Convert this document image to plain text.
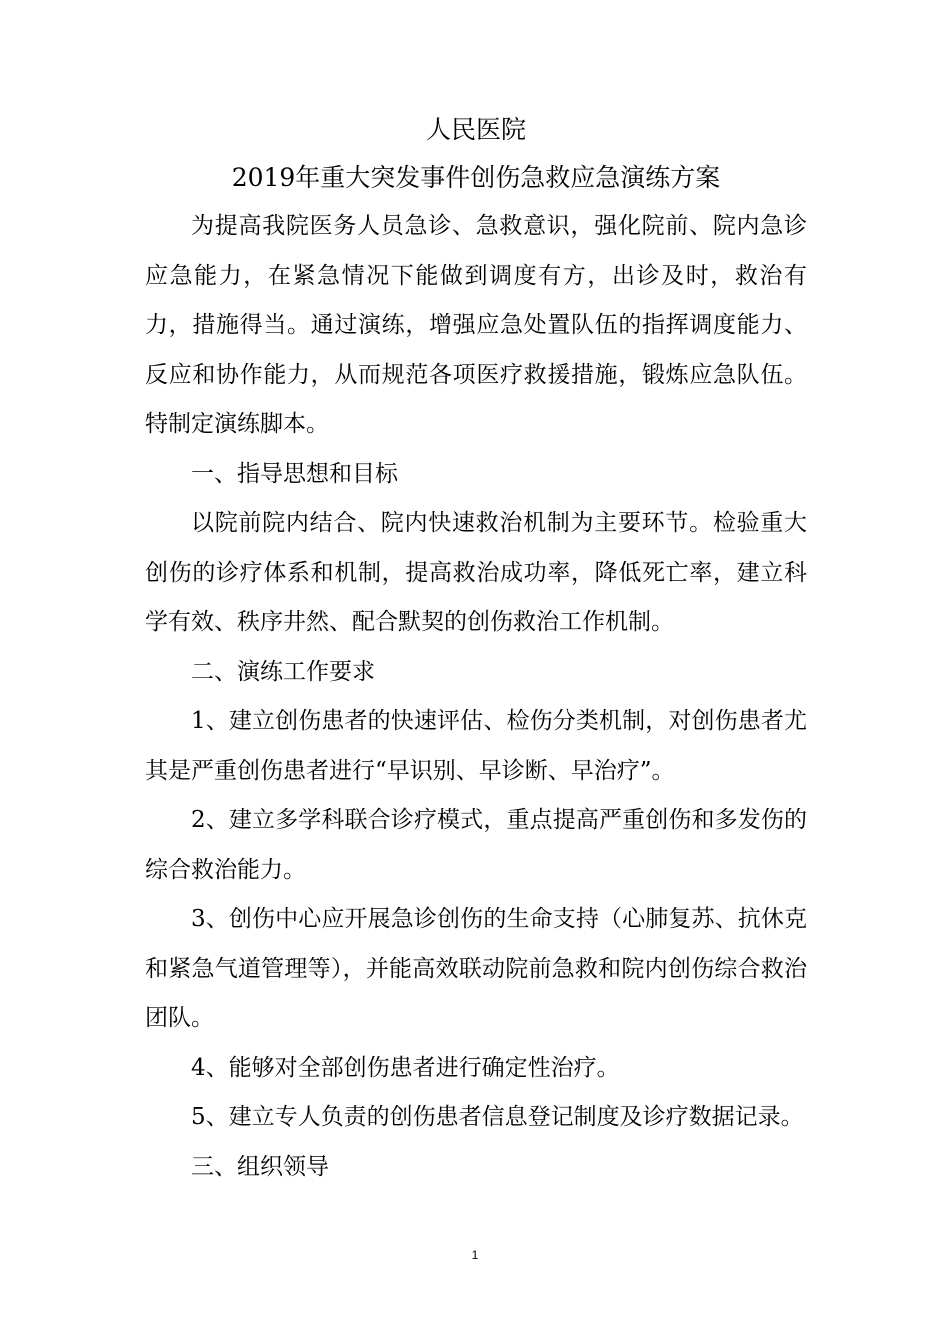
人民医院
2019年重大突发事件创伤急救应急演练方案

为提高我院医务人员急诊、急救意识，强化院前、院内急诊应急能力，在紧急情况下能做到调度有方，出诊及时，救治有力，措施得当。通过演练，增强应急处置队伍的指挥调度能力、反应和协作能力，从而规范各项医疗救援措施，锻炼应急队伍。特制定演练脚本。

一、指导思想和目标

以院前院内结合、院内快速救治机制为主要环节。检验重大创伤的诊疗体系和机制，提高救治成功率，降低死亡率，建立科学有效、秩序井然、配合默契的创伤救治工作机制。

二、演练工作要求

1、建立创伤患者的快速评估、检伤分类机制，对创伤患者尤其是严重创伤患者进行“早识别、早诊断、早治疗”。

2、建立多学科联合诊疗模式，重点提高严重创伤和多发伤的综合救治能力。

3、创伤中心应开展急诊创伤的生命支持（心肺复苏、抗休克和紧急气道管理等），并能高效联动院前急救和院内创伤综合救治团队。

4、能够对全部创伤患者进行确定性治疗。

5、建立专人负责的创伤患者信息登记制度及诊疗数据记录。

三、组织领导

1
